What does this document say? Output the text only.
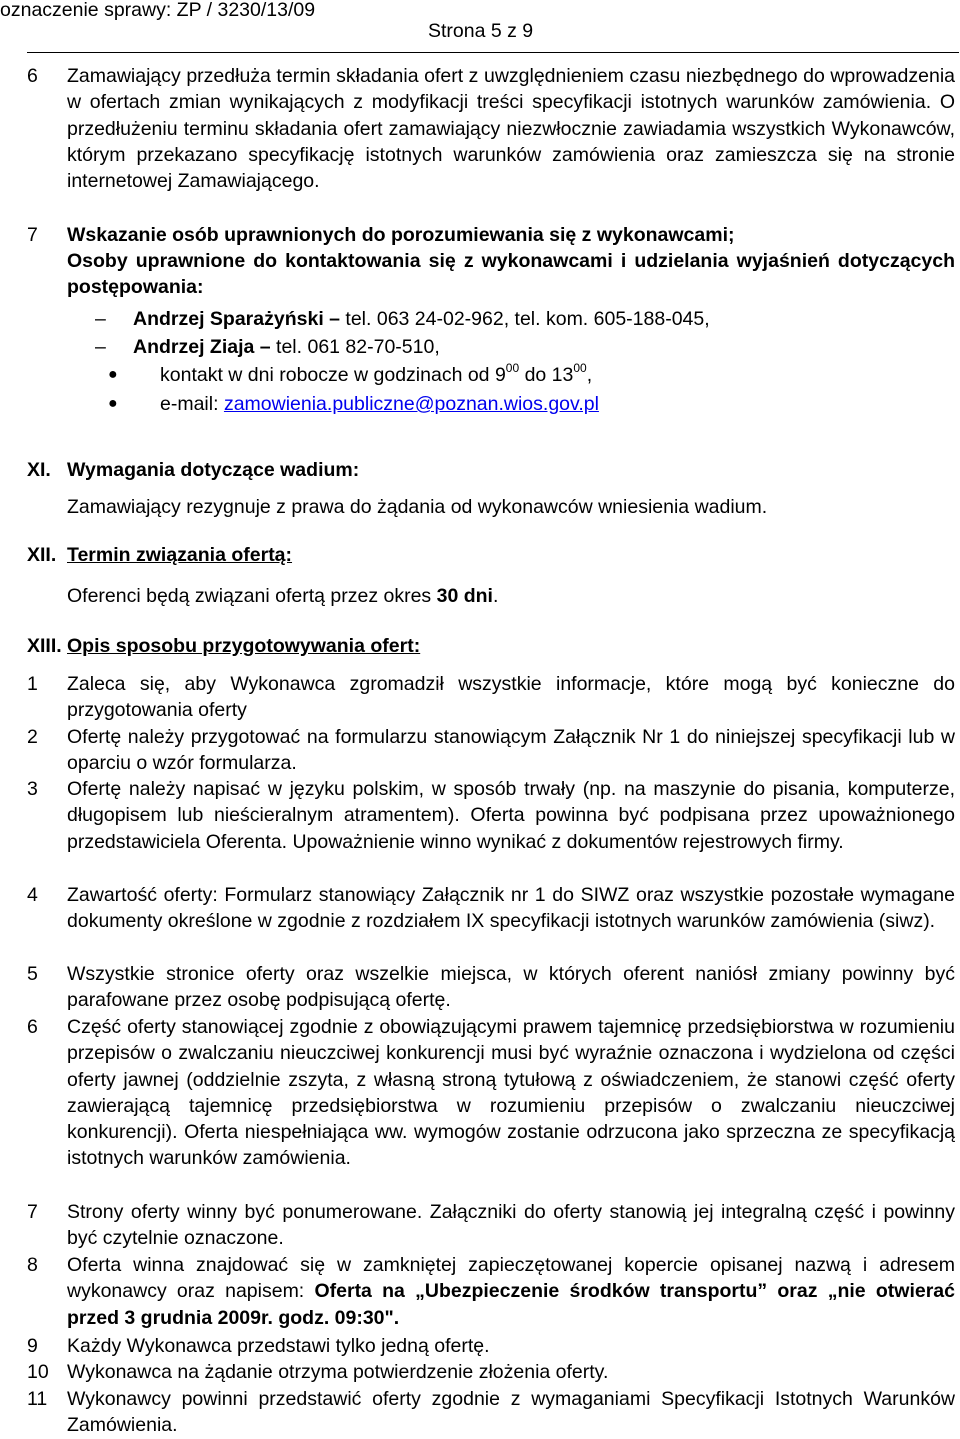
oznaczenie sprawy: ZP / 3230/13/09
Strona 5 z 9
6 Zamawiający przedłuża termin składania ofert z uwzględnieniem czasu niezbędnego do wprowadzenia w ofertach zmian wynikających z modyfikacji treści specyfikacji istotnych warunków zamówienia. O przedłużeniu terminu składania ofert zamawiający niezwłocznie zawiadamia wszystkich Wykonawców, którym przekazano specyfikację istotnych warunków zamówienia oraz zamieszcza się na stronie internetowej Zamawiającego.

7 Wskazanie osób uprawnionych do porozumiewania się z wykonawcami;

Osoby uprawnione do kontaktowania się z wykonawcami i udzielania wyjaśnień dotyczących postępowania:

– Andrzej Sparażyński – tel. 063 24-02-962, tel. kom. 605-188-045,
– Andrzej Ziaja – tel. 061 82-70-510,
● kontakt w dni robocze w godzinach od $9^{00}$ do $13^{00}$,
● e-mail: zamowienia.publiczne@poznan.wios.gov.pl
XI. Wymagania dotyczące wadium:
Zamawiający rezygnuje z prawa do żądania od wykonawców wniesienia wadium.
XII. Termin związania ofertą:
Oferenci będą związani ofertą przez okres 30 dni.
XIII. Opis sposobu przygotowywania ofert:
1 Zaleca się, aby Wykonawca zgromadził wszystkie informacje, które mogą być konieczne do przygotowania oferty

2 Ofertę należy przygotować na formularzu stanowiącym Załącznik Nr 1 do niniejszej specyfikacji lub w oparciu o wzór formularza.

3 Ofertę należy napisać w języku polskim, w sposób trwały (np. na maszynie do pisania, komputerze, długopisem lub nieścieralnym atramentem). Oferta powinna być podpisana przez upoważnionego przedstawiciela Oferenta. Upoważnienie winno wynikać z dokumentów rejestrowych firmy.

4 Zawartość oferty: Formularz stanowiący Załącznik nr 1 do SIWZ oraz wszystkie pozostałe wymagane dokumenty określone w zgodnie z rozdziałem IX specyfikacji istotnych warunków zamówienia (siwz).

5 Wszystkie stronice oferty oraz wszelkie miejsca, w których oferent naniósł zmiany powinny być parafowane przez osobę podpisującą ofertę.

6 Część oferty stanowiącej zgodnie z obowiązującymi prawem tajemnicę przedsiębiorstwa w rozumieniu przepisów o zwalczaniu nieuczciwej konkurencji musi być wyraźnie oznaczona i wydzielona od części oferty jawnej (oddzielnie zszyta, z własną stroną tytułową z oświadczeniem, że stanowi część oferty zawierającą tajemnicę przedsiębiorstwa w rozumieniu przepisów o zwalczaniu nieuczciwej konkurencji). Oferta niespełniająca ww. wymogów zostanie odrzucona jako sprzeczna ze specyfikacją istotnych warunków zamówienia.

7 Strony oferty winny być ponumerowane. Załączniki do oferty stanowią jej integralną część i powinny być czytelnie oznaczone.

8 Oferta winna znajdować się w zamkniętej zapieczętowanej kopercie opisanej nazwą i adresem wykonawcy oraz napisem: Oferta na „Ubezpieczenie środków transportu” oraz „nie otwierać przed 3 grudnia 2009r. godz. 09:30".

9 Każdy Wykonawca przedstawi tylko jedną ofertę.

10 Wykonawca na żądanie otrzyma potwierdzenie złożenia oferty.

11 Wykonawcy powinni przedstawić oferty zgodnie z wymaganiami Specyfikacji Istotnych Warunków Zamówienia.
